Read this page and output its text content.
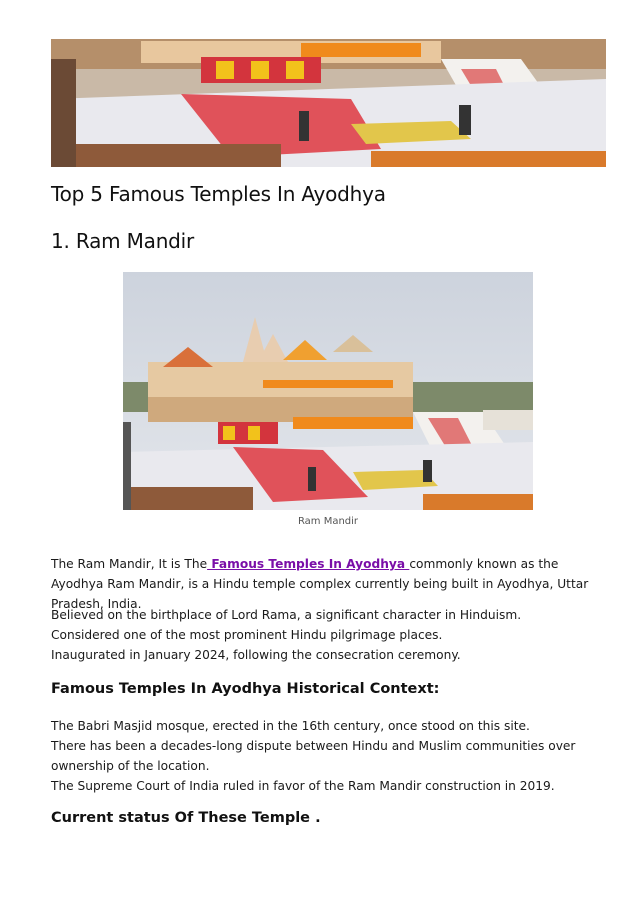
Top 5 Famous Temples In Ayodhya
1. Ram Mandir
Ram Mandir

The Ram Mandir, It is The Famous Temples In Ayodhya commonly known as the Ayodhya Ram Mandir, is a Hindu temple complex currently being built in Ayodhya, Uttar Pradesh, India.

Believed on the birthplace of Lord Rama, a significant character in Hinduism.
Considered one of the most prominent Hindu pilgrimage places.
Inaugurated in January 2024, following the consecration ceremony.

Famous Temples In Ayodhya Historical Context:

The Babri Masjid mosque, erected in the 16th century, once stood on this site.
There has been a decades-long dispute between Hindu and Muslim communities over ownership of the location.
The Supreme Court of India ruled in favor of the Ram Mandir construction in 2019.

Current status Of These Temple .
